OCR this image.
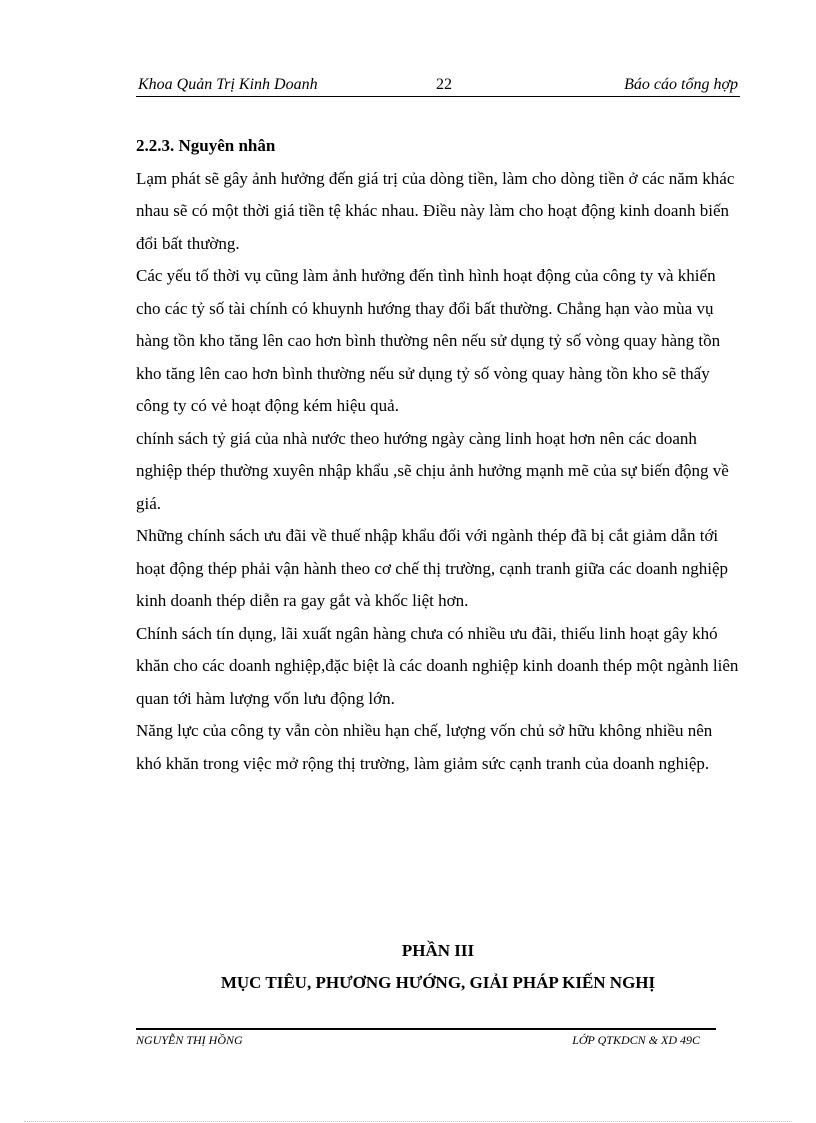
Khoa Quản Trị Kinh Doanh	22	Báo cáo tổng hợp

2.2.3. Nguyên nhân

Lạm phát sẽ gây ảnh hưởng đến giá trị của dòng tiền, làm cho dòng tiền ở các năm khác nhau sẽ có một thời giá tiền tệ khác nhau. Điều này làm cho hoạt động kinh doanh biến đổi bất thường.

Các yếu tố thời vụ cũng làm ảnh hưởng đến tình hình hoạt động của công ty và khiến cho các tỷ số tài chính có khuynh hướng thay đổi bất thường. Chẳng hạn vào mùa vụ hàng tồn kho tăng lên cao hơn bình thường nên nếu sử dụng tỷ số vòng quay hàng tồn kho tăng lên cao hơn bình thường nếu sử dụng tỷ số vòng quay hàng tồn kho sẽ thấy công ty có vẻ hoạt động kém hiệu quả.

chính sách tỷ giá của nhà nước theo hướng ngày càng linh hoạt hơn nên các doanh nghiệp thép thường xuyên nhập khẩu ,sẽ chịu ảnh hưởng mạnh mẽ của sự biến động về giá.

Những chính sách ưu đãi về thuế nhập khẩu đối với ngành thép đã bị cắt giảm dẫn tới hoạt động thép phải vận hành theo cơ chế thị trường, cạnh tranh giữa các doanh nghiệp kinh doanh thép diễn ra gay gắt và khốc liệt hơn.

Chính sách tín dụng, lãi xuất ngân hàng chưa có nhiều ưu đãi, thiếu linh hoạt gây khó khăn cho các doanh nghiệp,đặc biệt là các doanh nghiệp kinh doanh thép một ngành liên quan tới hàm lượng vốn lưu động lớn.

Năng lực của công ty vẫn còn nhiều hạn chế, lượng vốn chủ sở hữu không nhiều nên khó khăn trong việc mở rộng thị trường, làm giảm sức cạnh tranh của doanh nghiệp.

PHẦN III
MỤC TIÊU, PHƯƠNG HƯỚNG, GIẢI PHÁP KIẾN NGHỊ
NGUYỄN THỊ HỒNG	LỚP QTKDCN & XD 49C
